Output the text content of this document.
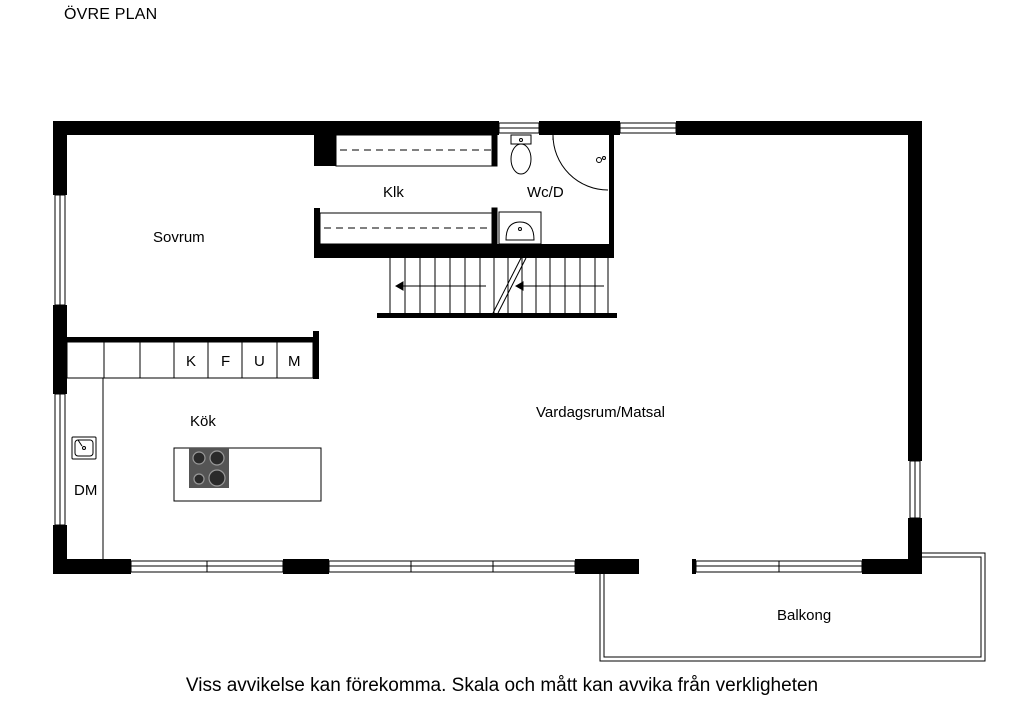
ÖVRE PLAN
Sovrum
Klk	Wc/D
Kök
Vardagsrum/Matsal
DM
Balkong
K F U M
Viss avvikelse kan förekomma. Skala och mått kan avvika från verkligheten
